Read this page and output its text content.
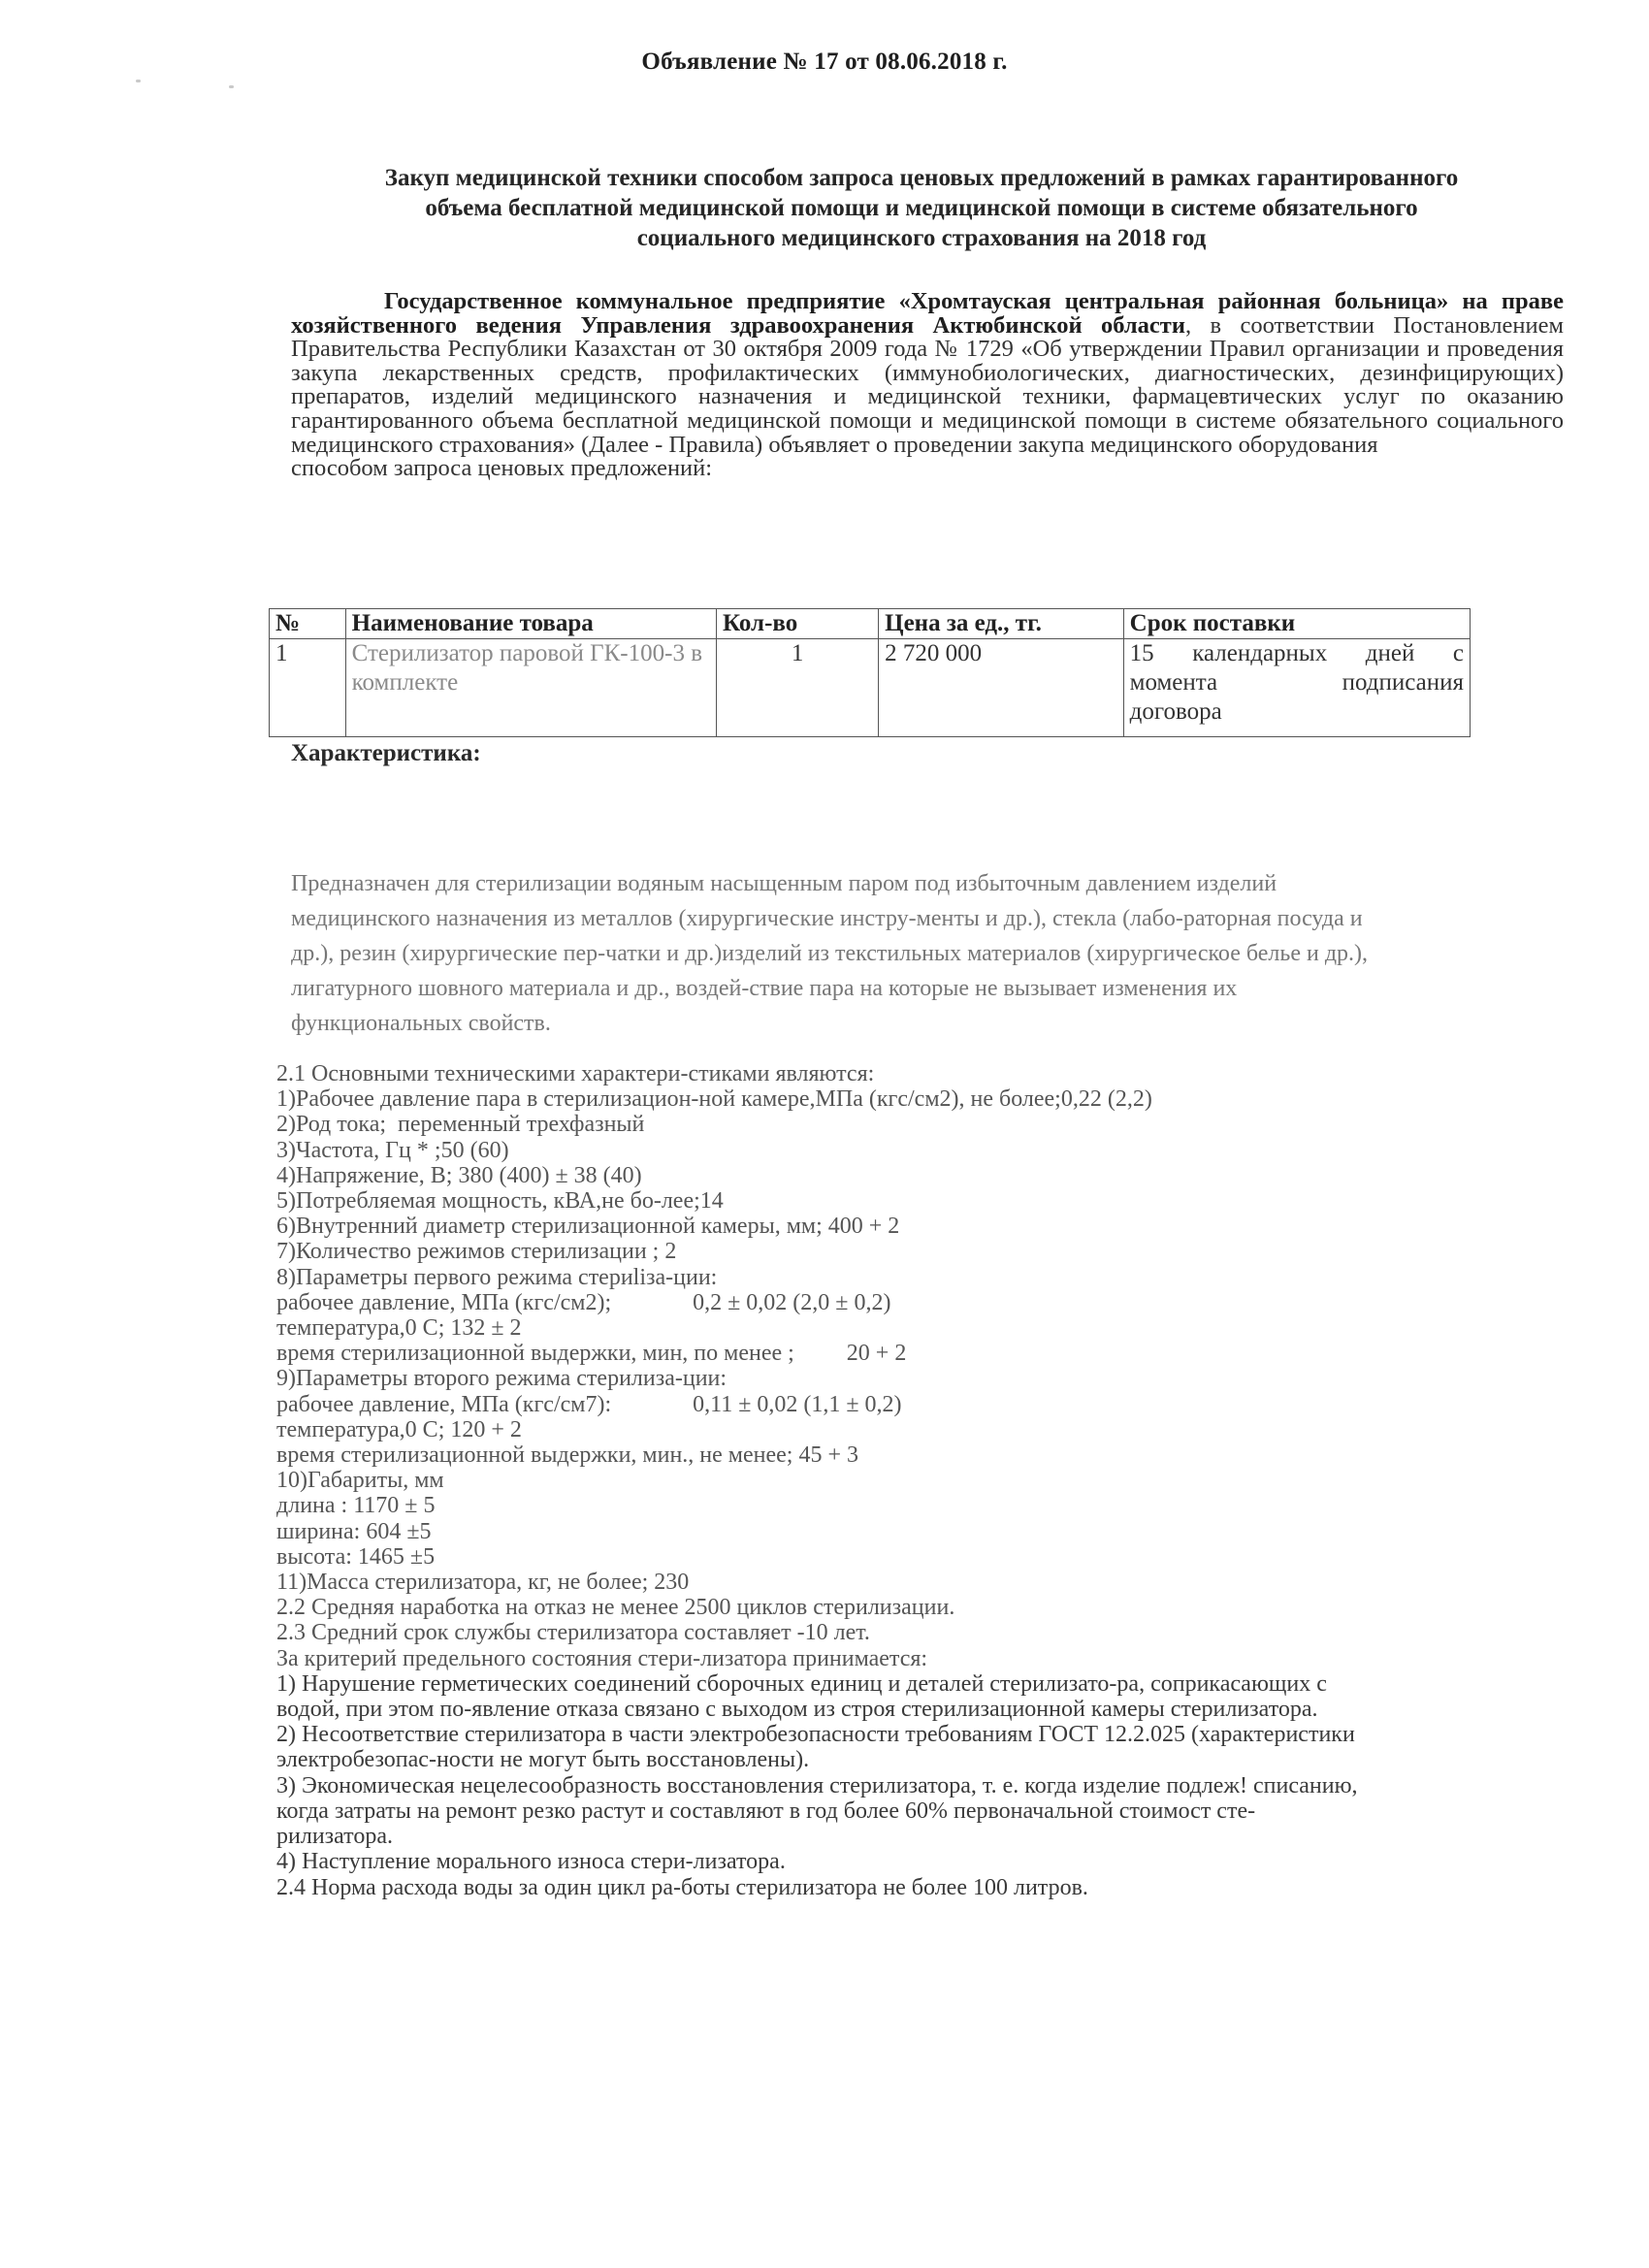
Объявление № 17 от 08.06.2018 г.
Закуп медицинской техники способом запроса ценовых предложений в рамках гарантированного
объема бесплатной медицинской помощи и медицинской помощи в системе обязательного
социального медицинского страхования на 2018 год
Государственное коммунальное предприятие «Хромтауская центральная районная больница» на праве хозяйственного ведения Управления здравоохранения Актюбинской области, в соответствии Постановлением Правительства Республики Казахстан от 30 октября 2009 года № 1729 «Об утверждении Правил организации и проведения закупа лекарственных средств, профилактических (иммунобиологических, диагностических, дезинфицирующих) препаратов, изделий медицинского назначения и медицинской техники, фармацевтических услуг по оказанию гарантированного объема бесплатной медицинской помощи и медицинской помощи в системе обязательного социального медицинского страхования» (Далее - Правила) объявляет о проведении закупа медицинского оборудования
способом запроса ценовых предложений:
№	Наименование товара	Кол-во	Цена за ед., тг.	Срок поставки
1	Стерилизатор паровой ГК-100-3 в комплекте	1	2 720 000	15 календарных дней с
момента подписания
договора
Характеристика:
Предназначен для стерилизации водяным насыщенным паром под избыточным давлением изделий
медицинского назначения из металлов (хирургические инстру-менты и др.), стекла (лабо-раторная посуда и
др.), резин (хирургические пер-чатки и др.)изделий из текстильных материалов (хирургическое белье и др.),
лигатурного шовного материала и др., воздей-ствие пара на которые не вызывает изменения их
функциональных свойств.
2.1 Основными техническими характери-стиками являются:
1)Рабочее давление пара в стерилизацион-ной камере,МПа (кгс/см2), не более;0,22 (2,2)
2)Род тока;  переменный трехфазный
3)Частота, Гц * ;50 (60)
4)Напряжение, В; 380 (400) ± 38 (40)
5)Потребляемая мощность, кВА,не бо-лее;14
6)Внутренний диаметр стерилизационной камеры, мм; 400 + 2
7)Количество режимов стерилизации ; 2
8)Параметры первого режима стериliза-ции:
рабочее давление, МПа (кгс/см2);              0,2 ± 0,02 (2,0 ± 0,2)
температура,0 С; 132 ± 2
время стерилизационной выдержки, мин, по менее ;         20 + 2
9)Параметры второго режима стерилиза-ции:
рабочее давление, МПа (кгс/см7):              0,11 ± 0,02 (1,1 ± 0,2)
температура,0 С; 120 + 2
время стерилизационной выдержки, мин., не менее; 45 + 3
10)Габариты, мм
длина : 1170 ± 5
ширина: 604 ±5
высота: 1465 ±5
11)Масса стерилизатора, кг, не более; 230
2.2 Средняя наработка на отказ не менее 2500 циклов стерилизации.
2.3 Средний срок службы стерилизатора составляет -10 лет.
За критерий предельного состояния стери-лизатора принимается:
1) Нарушение герметических соединений сборочных единиц и деталей стерилизато-ра, соприкасающих с
водой, при этом по-явление отказа связано с выходом из строя стерилизационной камеры стерилизатора.
2) Несоответствие стерилизатора в части электробезопасности требованиям ГОСТ 12.2.025 (характеристики
электробезопас-ности не могут быть восстановлены).
3) Экономическая нецелесообразность восстановления стерилизатора, т. е. когда изделие подлеж! списанию,
когда затраты на ремонт резко растут и составляют в год более 60% первоначальной стоимост сте-
рилизатора.
4) Наступление морального износа стери-лизатора.
2.4 Норма расхода воды за один цикл ра-боты стерилизатора не более 100 литров.
